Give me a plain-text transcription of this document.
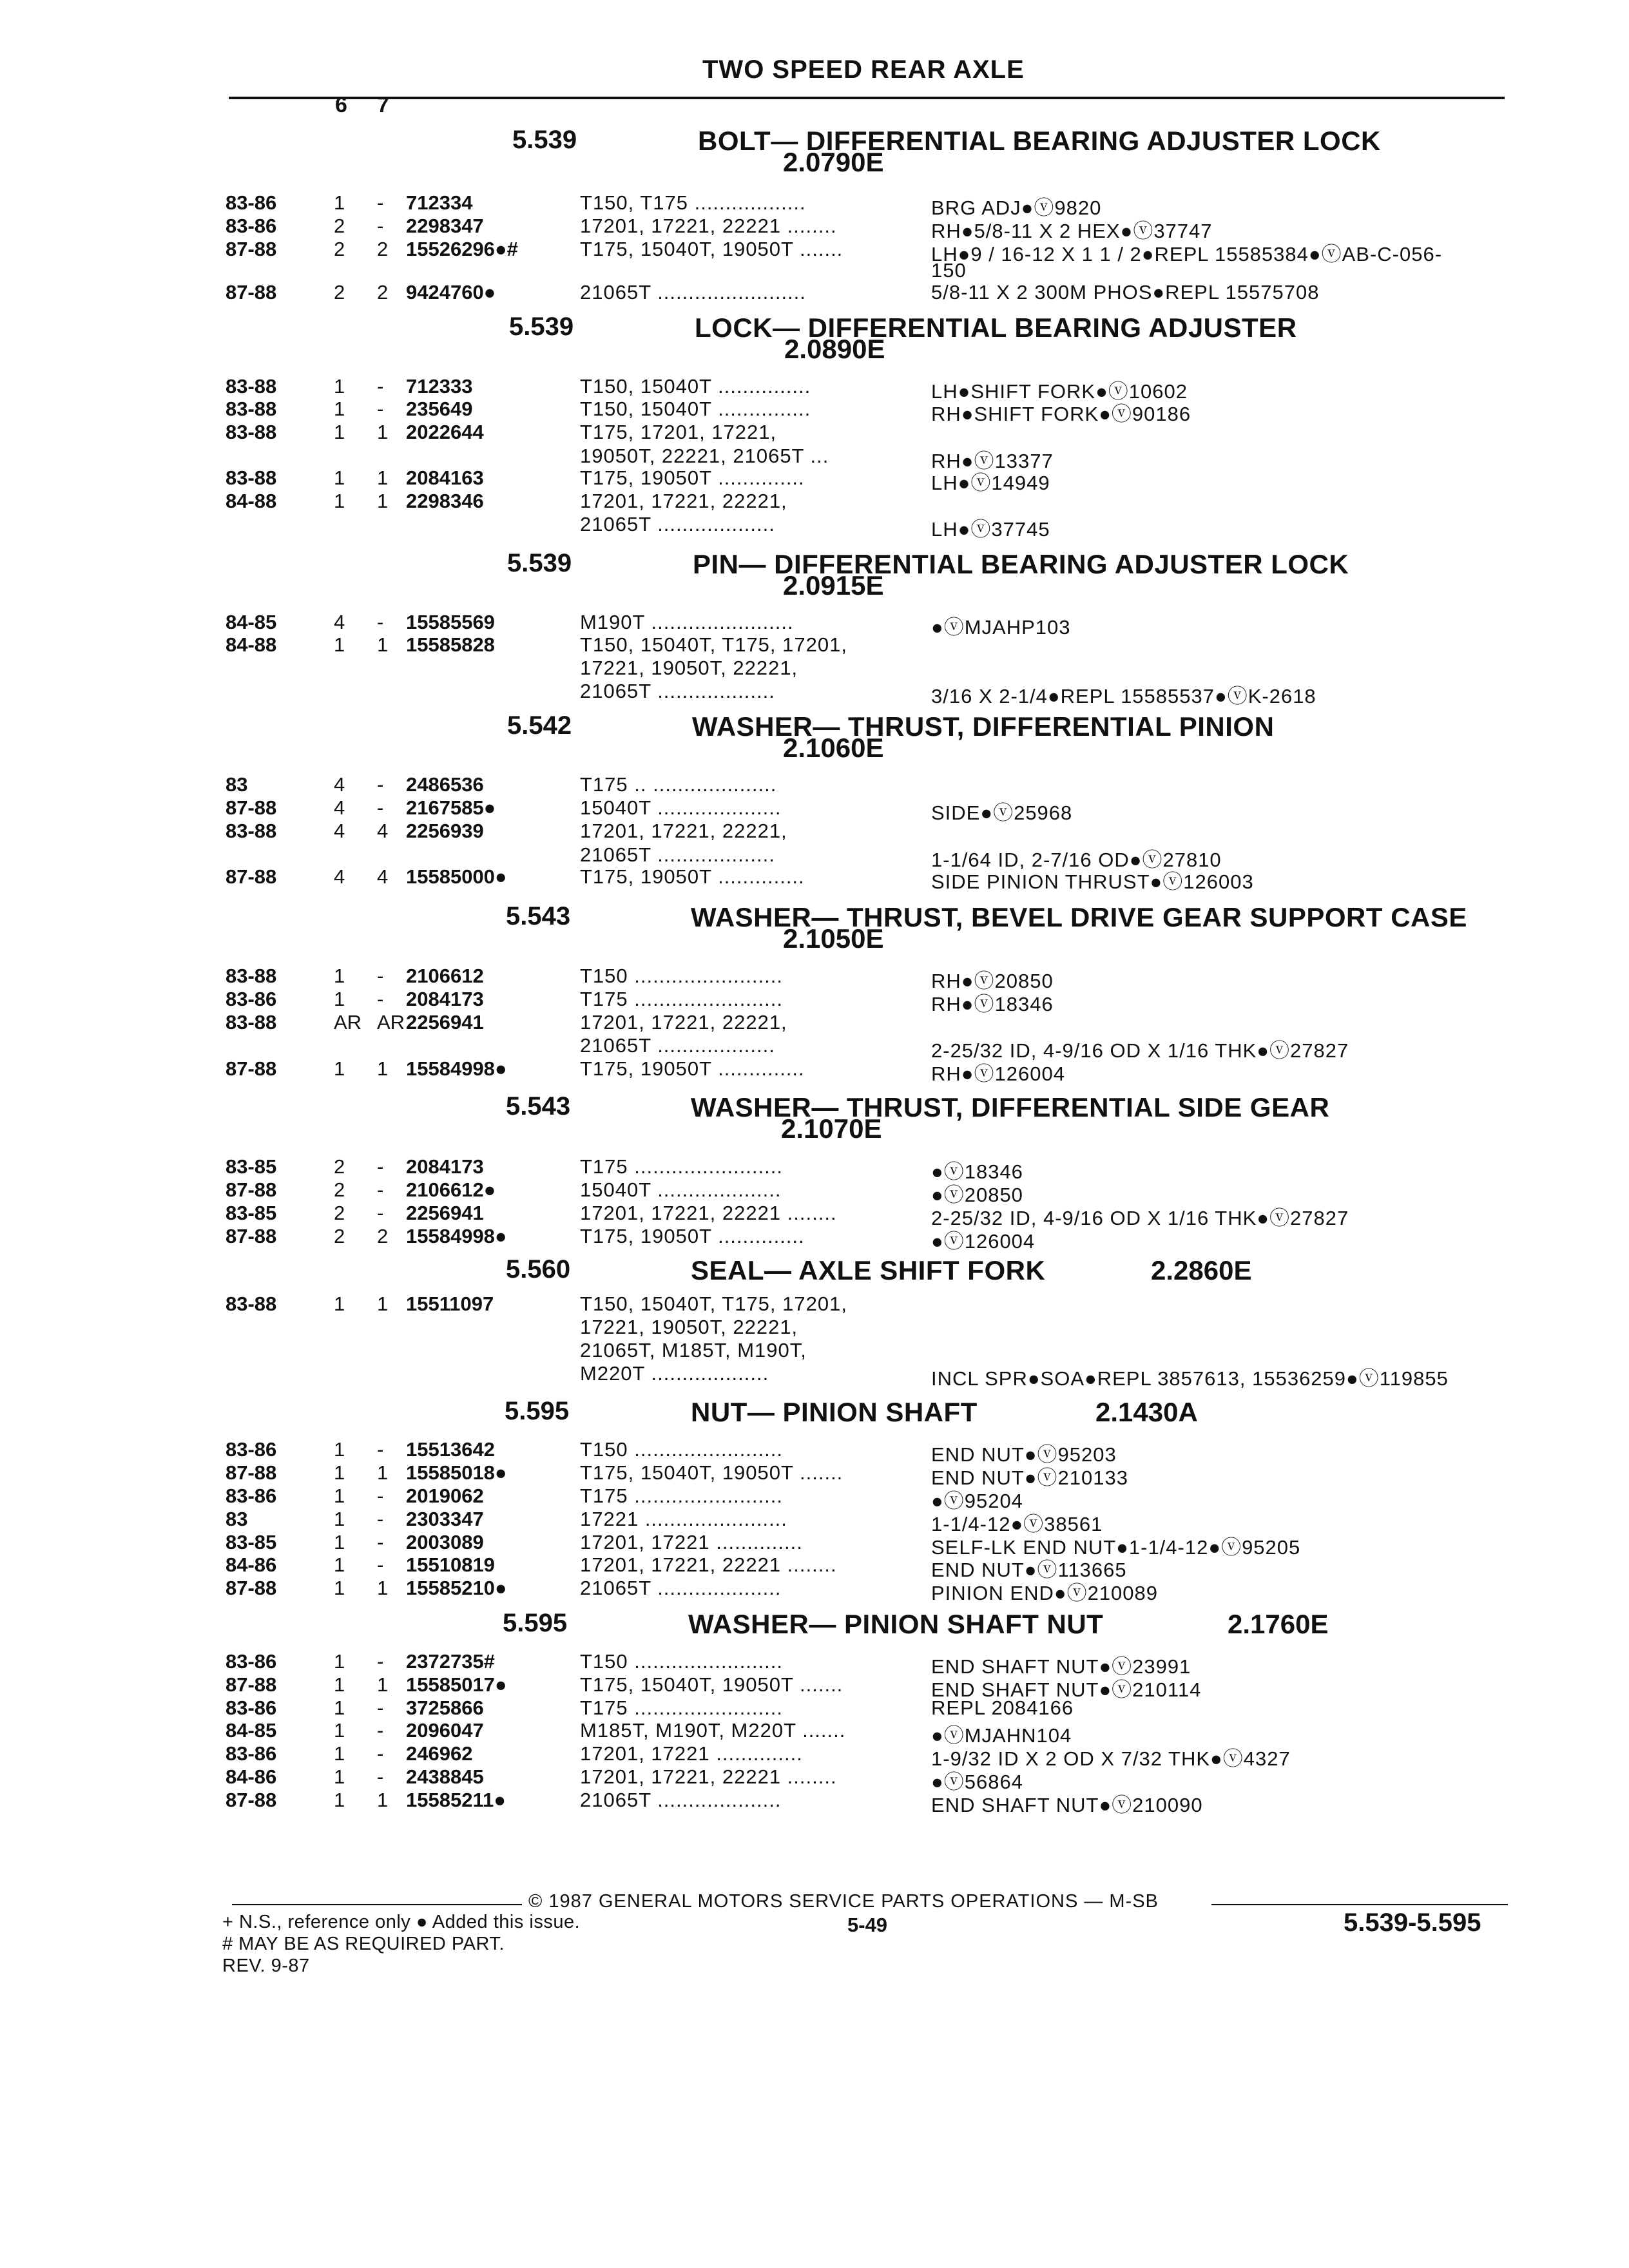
TWO SPEED REAR AXLE
6 7
5.539	BOLT— DIFFERENTIAL BEARING ADJUSTER LOCK
2.0790E
83-86	1 - 712334	T150, T175 ..................	BRG ADJ●ⓥ9820
83-86	2 - 2298347	17201, 17221, 22221 ........	RH●5/8-11 X 2 HEX●ⓥ37747
87-88	2 2 15526296●#	T175, 15040T, 19050T .......	LH●9 / 16-12 X 1 1 / 2●REPL 15585384●ⓥAB-C-056-
150
87-88	2 2 9424760●	21065T ........................	5/8-11 X 2 300M PHOS●REPL 15575708
5.539	LOCK— DIFFERENTIAL BEARING ADJUSTER
2.0890E
83-88	1 - 712333	T150, 15040T ...............	LH●SHIFT FORK●ⓥ10602
83-88	1 - 235649	T150, 15040T ...............	RH●SHIFT FORK●ⓥ90186
83-88	1 1 2022644	T175, 17201, 17221,
19050T, 22221, 21065T ...	RH●ⓥ13377
83-88	1 1 2084163	T175, 19050T ..............	LH●ⓥ14949
84-88	1 1 2298346	17201, 17221, 22221,
21065T ...................	LH●ⓥ37745
5.539	PIN— DIFFERENTIAL BEARING ADJUSTER LOCK
2.0915E
84-85	4 - 15585569	M190T .......................	●ⓥMJAHP103
84-88	1 1 15585828	T150, 15040T, T175, 17201,
17221, 19050T, 22221,
21065T ...................	3/16 X 2-1/4●REPL 15585537●ⓥK-2618
5.542	WASHER— THRUST, DIFFERENTIAL PINION
2.1060E
83	4 - 2486536	T175 .. ....................
87-88	4 - 2167585●	15040T ....................	SIDE●ⓥ25968
83-88	4 4 2256939	17201, 17221, 22221,
21065T ...................	1-1/64 ID, 2-7/16 OD●ⓥ27810
87-88	4 4 15585000●	T175, 19050T ..............	SIDE PINION THRUST●ⓥ126003
5.543	WASHER— THRUST, BEVEL DRIVE GEAR SUPPORT CASE
2.1050E
83-88	1 - 2106612	T150 ........................	RH●ⓥ20850
83-86	1 - 2084173	T175 ........................	RH●ⓥ18346
83-88	AR AR 2256941	17201, 17221, 22221,
21065T ...................	2-25/32 ID, 4-9/16 OD X 1/16 THK●ⓥ27827
87-88	1 1 15584998●	T175, 19050T ..............	RH●ⓥ126004
5.543	WASHER— THRUST, DIFFERENTIAL SIDE GEAR
2.1070E
83-85	2 - 2084173	T175 ........................	●ⓥ18346
87-88	2 - 2106612●	15040T ....................	●ⓥ20850
83-85	2 - 2256941	17201, 17221, 22221 ........	2-25/32 ID, 4-9/16 OD X 1/16 THK●ⓥ27827
87-88	2 2 15584998●	T175, 19050T ..............	●ⓥ126004
5.560	SEAL— AXLE SHIFT FORK	2.2860E
83-88	1 1 15511097	T150, 15040T, T175, 17201,
17221, 19050T, 22221,
21065T, M185T, M190T,
M220T ...................	INCL SPR●SOA●REPL 3857613, 15536259●ⓥ119855
5.595	NUT— PINION SHAFT	2.1430A
83-86	1 - 15513642	T150 ........................	END NUT●ⓥ95203
87-88	1 1 15585018●	T175, 15040T, 19050T .......	END NUT●ⓥ210133
83-86	1 - 2019062	T175 ........................	●ⓥ95204
83	1 - 2303347	17221 .......................	1-1/4-12●ⓥ38561
83-85	1 - 2003089	17201, 17221 ..............	SELF-LK END NUT●1-1/4-12●ⓥ95205
84-86	1 - 15510819	17201, 17221, 22221 ........	END NUT●ⓥ113665
87-88	1 1 15585210●	21065T ....................	PINION END●ⓥ210089
5.595	WASHER— PINION SHAFT NUT	2.1760E
83-86	1 - 2372735#	T150 ........................	END SHAFT NUT●ⓥ23991
87-88	1 1 15585017●	T175, 15040T, 19050T .......	END SHAFT NUT●ⓥ210114
83-86	1 - 3725866	T175 ........................	REPL 2084166
84-85	1 - 2096047	M185T, M190T, M220T .......	●ⓥMJAHN104
83-86	1 - 246962	17201, 17221 ..............	1-9/32 ID X 2 OD X 7/32 THK●ⓥ4327
84-86	1 - 2438845	17201, 17221, 22221 ........	●ⓥ56864
87-88	1 1 15585211●	21065T ....................	END SHAFT NUT●ⓥ210090
© 1987 GENERAL MOTORS SERVICE PARTS OPERATIONS — M-SB
+ N.S., reference only ● Added this issue.
# MAY BE AS REQUIRED PART.
REV. 9-87
5-49	5.539-5.595
